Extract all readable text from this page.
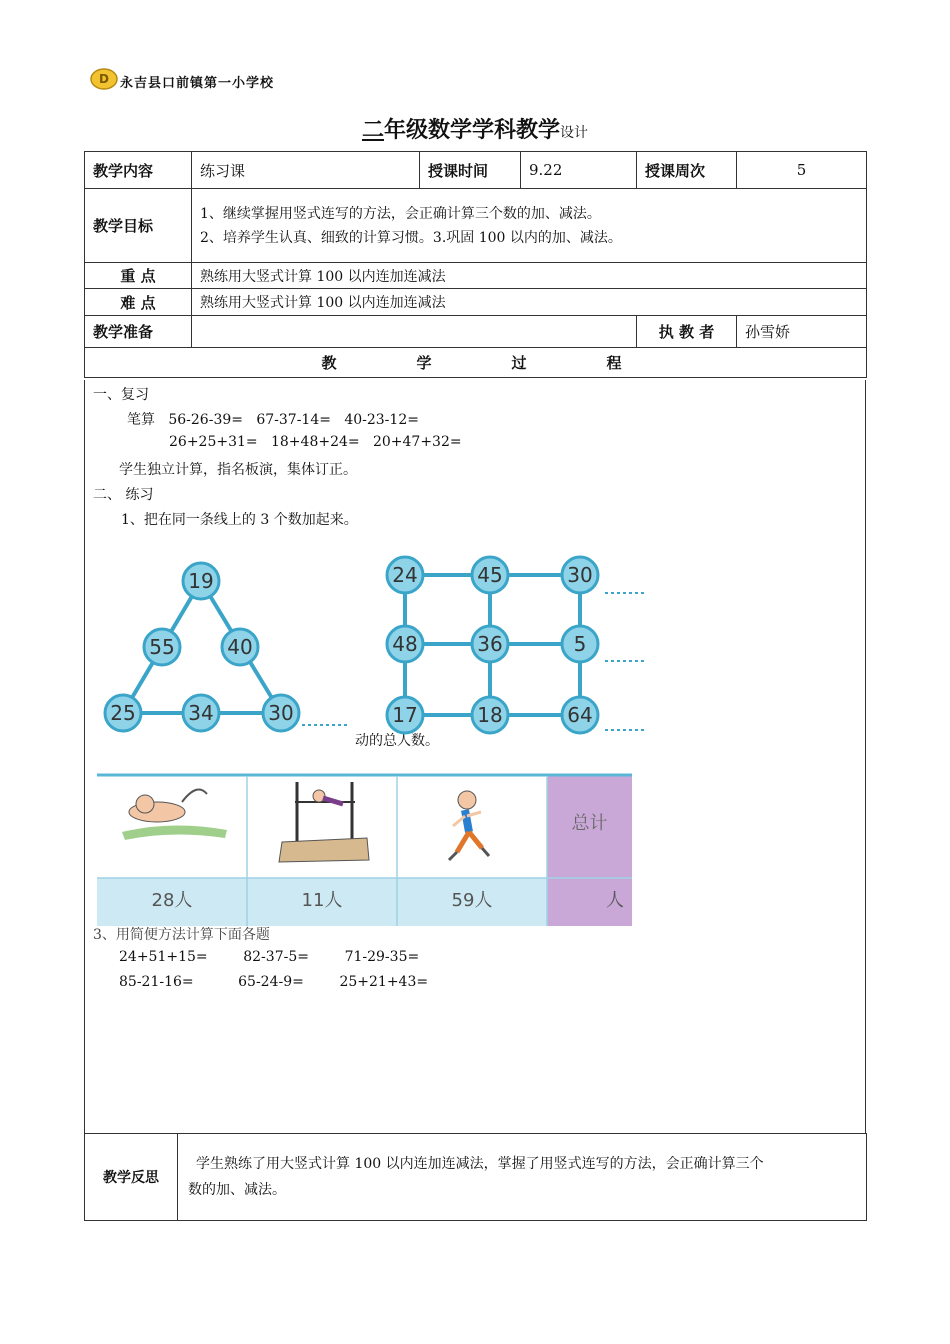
D 永吉县口前镇第一小学校
二年级数学学科教学设计
教学内容	练习课	授课时间	9.22	授课周次	5
教学目标	1、继续掌握用竖式连写的方法，会正确计算三个数的加、减法。
2、培养学生认真、细致的计算习惯。3.巩固 100 以内的加、减法。				

重 点	熟练用大竖式计算 100 以内连加连减法				
难 点	熟练用大竖式计算 100 以内连加连减法				
教学准备				执 教 者	孙雪娇
教学过程					
一、复习
笔算   56-26-39=   67-37-14=   40-23-12=
26+25+31=   18+48+24=   20+47+32=
学生独立计算，指名板演，集体订正。
二、 练习
1、把在同一条线上的 3 个数加起来。
动的总人数。
3、用简便方法计算下面各题
24+51+15=        82-37-5=        71-29-35=
85-21-16=          65-24-9=        25+21+43=
19
55	40
25	34	30
24	45	30
48	36	5
17	18	64
总计
28人	11人	59人	人
教学反思	
学生熟练了用大竖式计算 100 以内连加连减法，掌握了用竖式连写的方法，会正确计算三个
数的加、减法。
